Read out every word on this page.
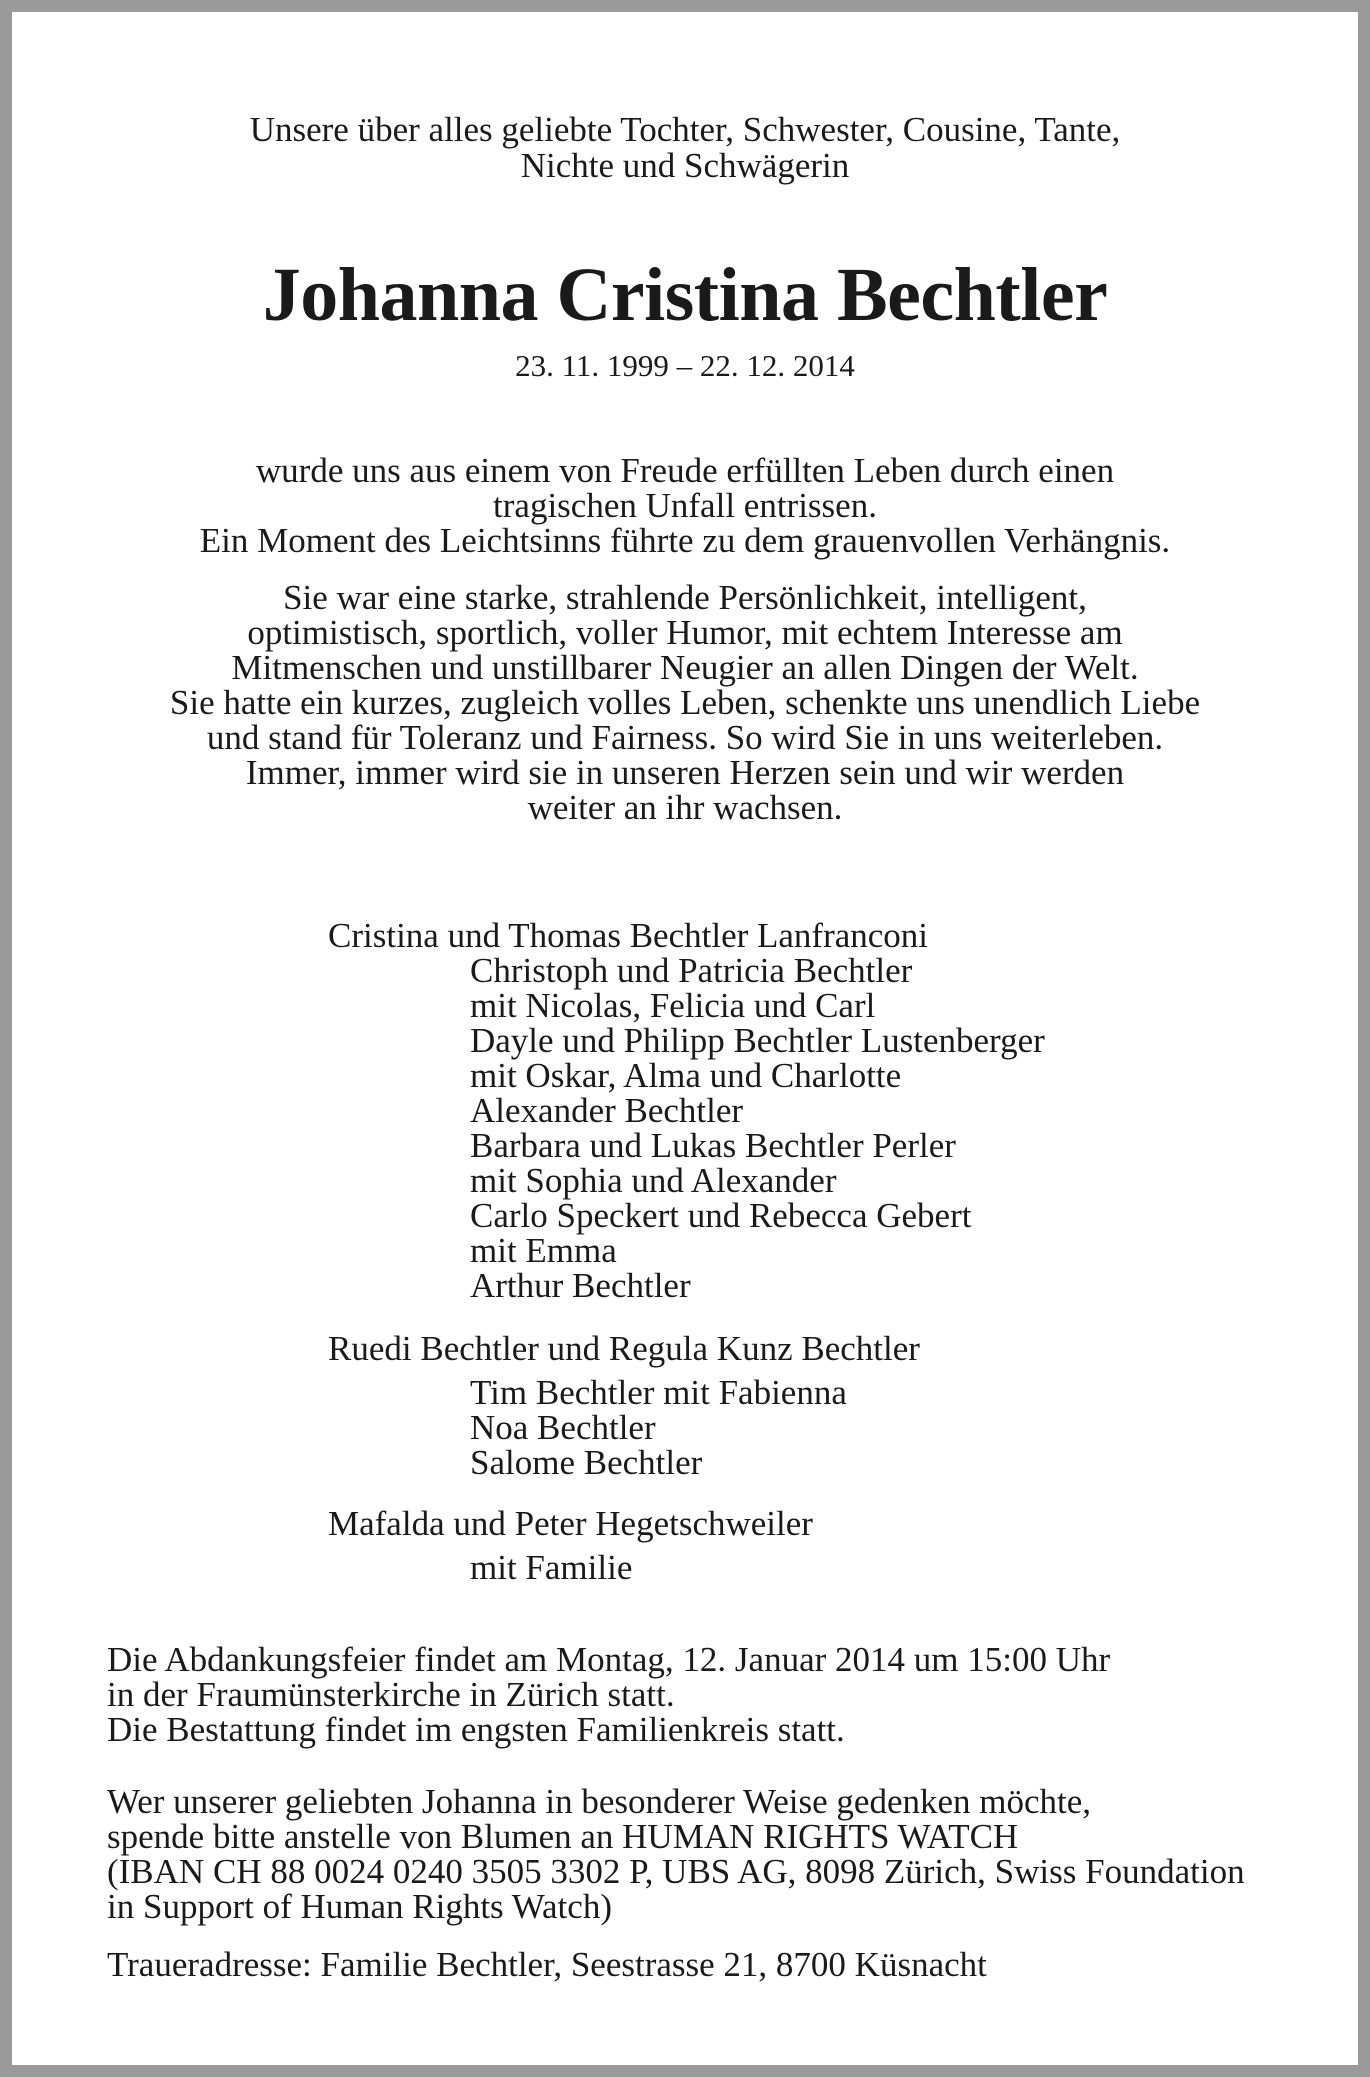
Unsere über alles geliebte Tochter, Schwester, Cousine, Tante,
Nichte und Schwägerin
Johanna Cristina Bechtler
23. 11. 1999 – 22. 12. 2014
wurde uns aus einem von Freude erfüllten Leben durch einen
tragischen Unfall entrissen.
Ein Moment des Leichtsinns führte zu dem grauenvollen Verhängnis.
Sie war eine starke, strahlende Persönlichkeit, intelligent,
optimistisch, sportlich, voller Humor, mit echtem Interesse am
Mitmenschen und unstillbarer Neugier an allen Dingen der Welt.
Sie hatte ein kurzes, zugleich volles Leben, schenkte uns unendlich Liebe
und stand für Toleranz und Fairness. So wird Sie in uns weiterleben.
Immer, immer wird sie in unseren Herzen sein und wir werden
weiter an ihr wachsen.
Cristina und Thomas Bechtler Lanfranconi
Christoph und Patricia Bechtler
mit Nicolas, Felicia und Carl
Dayle und Philipp Bechtler Lustenberger
mit Oskar, Alma und Charlotte
Alexander Bechtler
Barbara und Lukas Bechtler Perler
mit Sophia und Alexander
Carlo Speckert und Rebecca Gebert
mit Emma
Arthur Bechtler
Ruedi Bechtler und Regula Kunz Bechtler
Tim Bechtler mit Fabienna
Noa Bechtler
Salome Bechtler
Mafalda und Peter Hegetschweiler
mit Familie
Die Abdankungsfeier findet am Montag, 12. Januar 2014 um 15:00 Uhr
in der Fraumünsterkirche in Zürich statt.
Die Bestattung findet im engsten Familienkreis statt.
Wer unserer geliebten Johanna in besonderer Weise gedenken möchte,
spende bitte anstelle von Blumen an HUMAN RIGHTS WATCH
(IBAN CH 88 0024 0240 3505 3302 P, UBS AG, 8098 Zürich, Swiss Foundation
in Support of Human Rights Watch)
Traueradresse: Familie Bechtler, Seestrasse 21, 8700 Küsnacht
